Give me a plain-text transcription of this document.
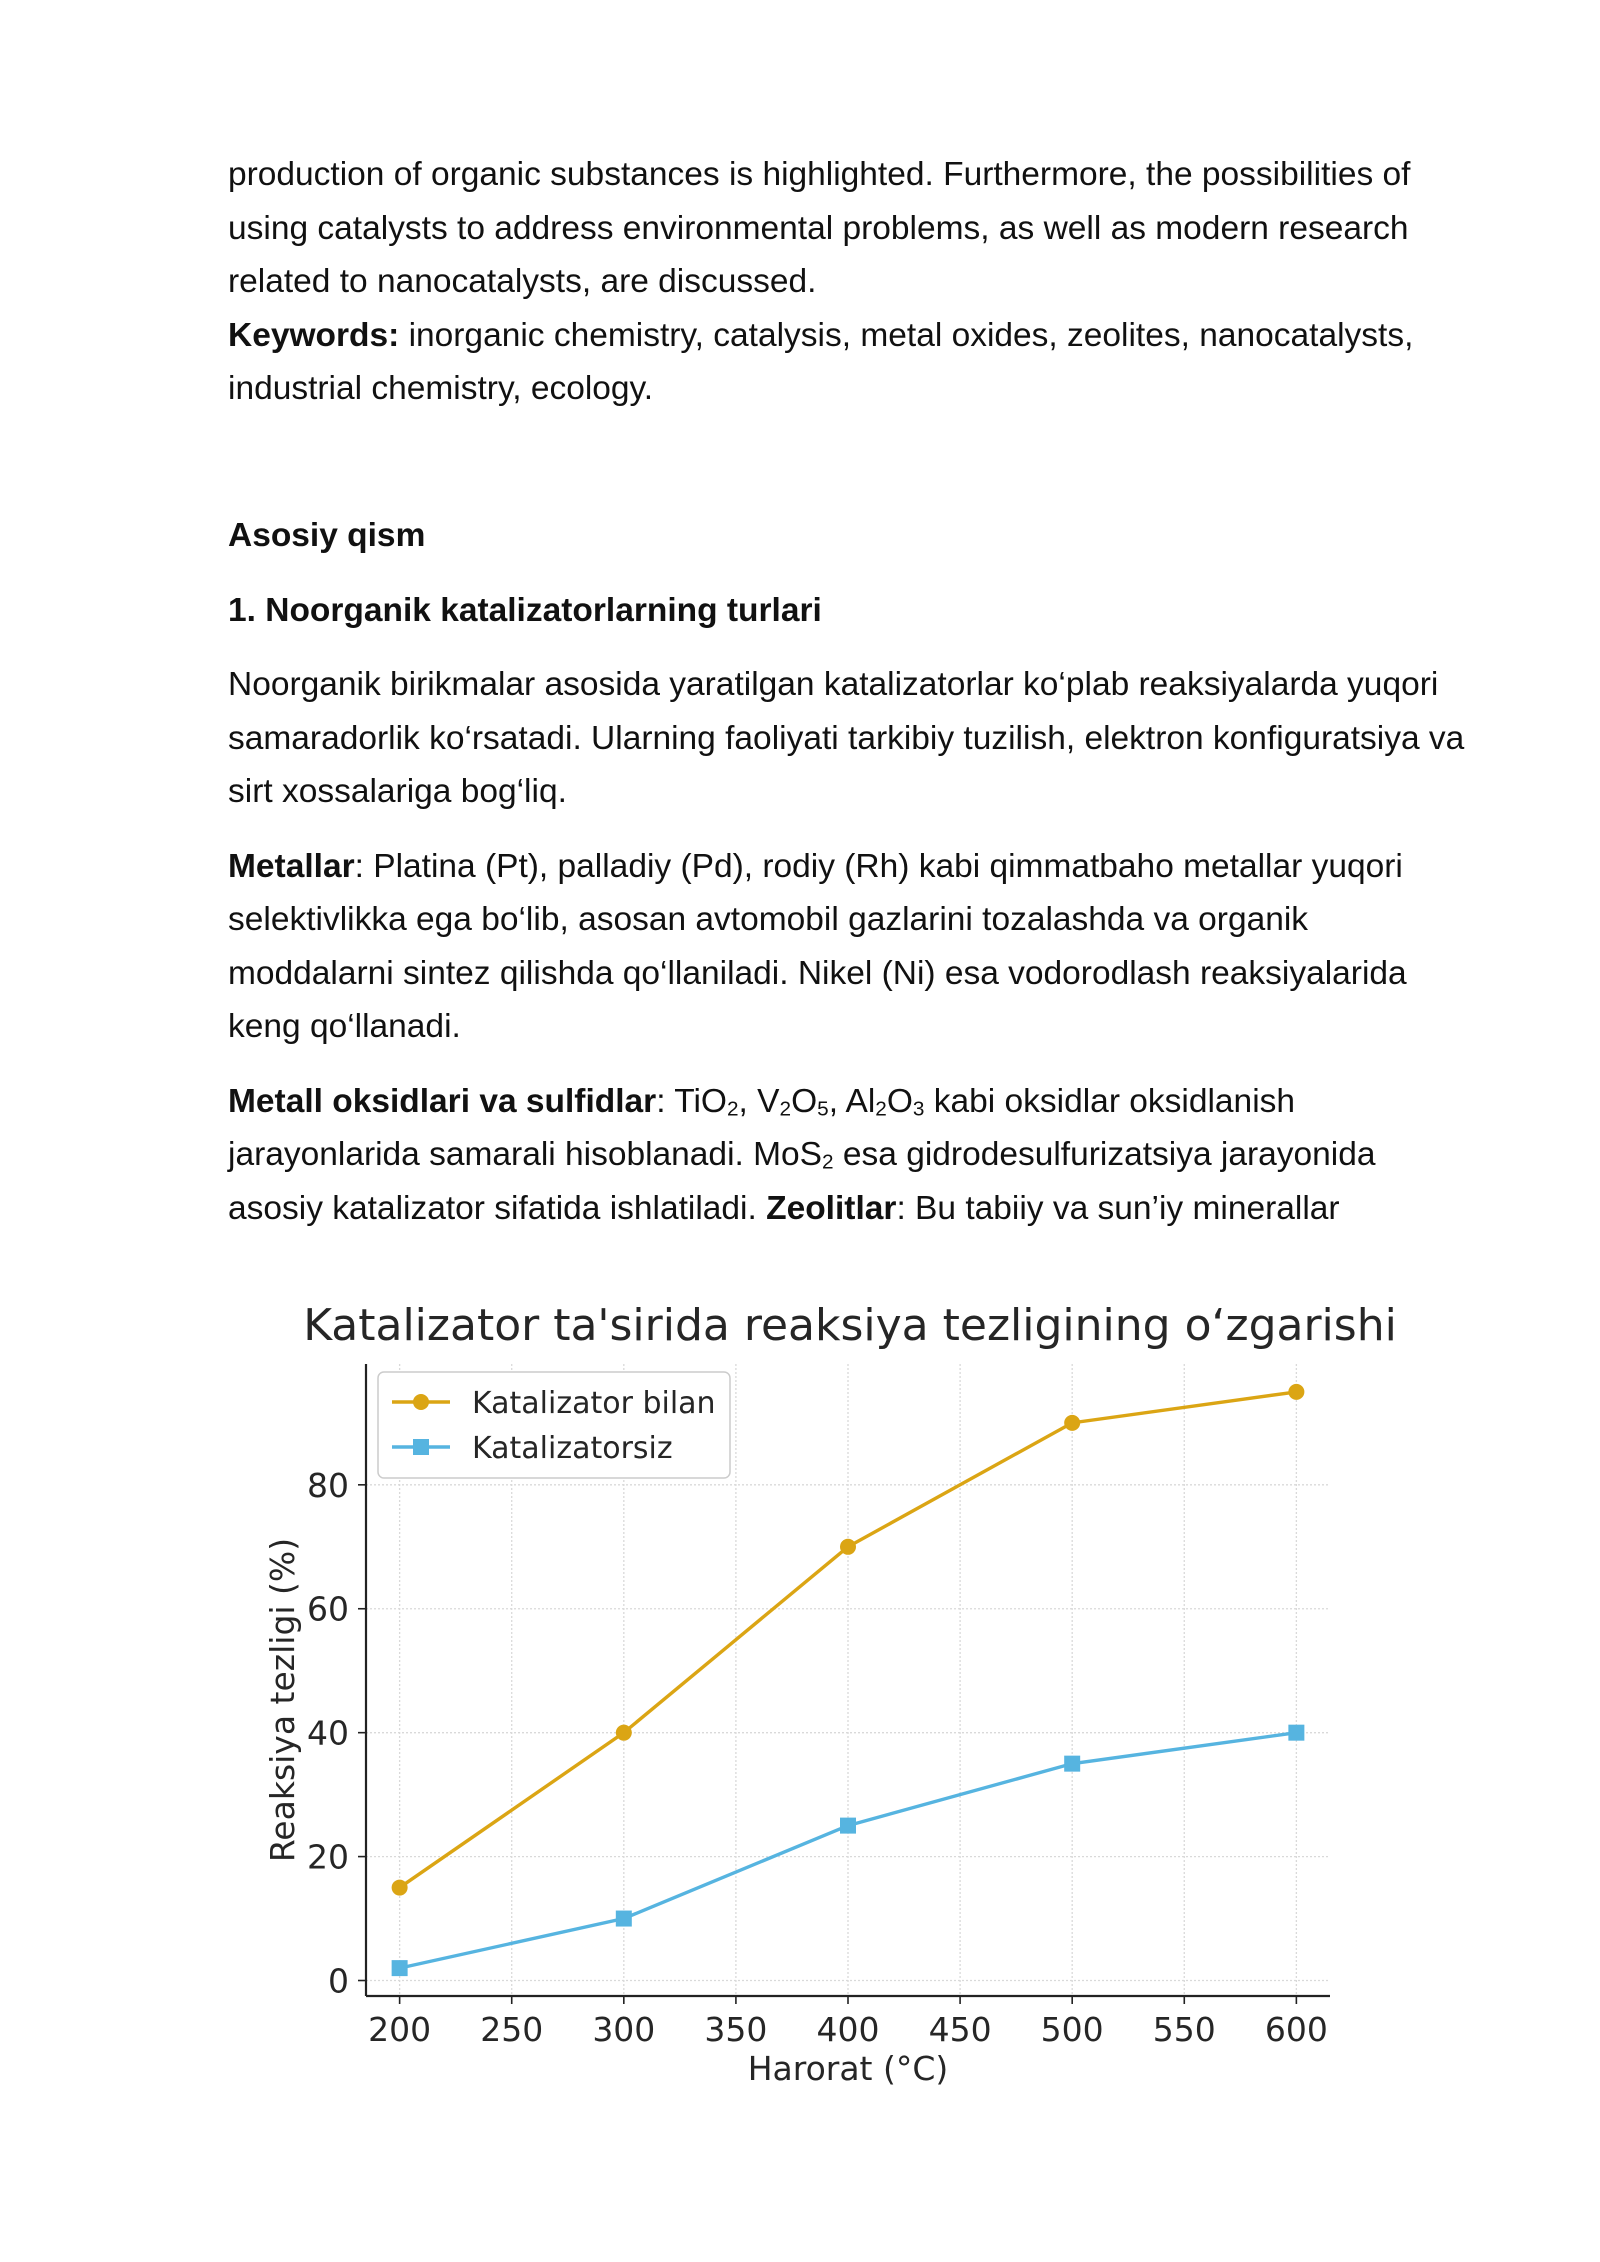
production of organic substances is highlighted. Furthermore, the possibilities of using catalysts to address environmental problems, as well as modern research related to nanocatalysts, are discussed.

Keywords: inorganic chemistry, catalysis, metal oxides, zeolites, nanocatalysts, industrial chemistry, ecology.

Asosiy qism

1. Noorganik katalizatorlarning turlari

Noorganik birikmalar asosida yaratilgan katalizatorlar ko‘plab reaksiyalarda yuqori samaradorlik ko‘rsatadi. Ularning faoliyati tarkibiy tuzilish, elektron konfiguratsiya va sirt xossalariga bog‘liq.

Metallar: Platina (Pt), palladiy (Pd), rodiy (Rh) kabi qimmatbaho metallar yuqori selektivlikka ega bo‘lib, asosan avtomobil gazlarini tozalashda va organik moddalarni sintez qilishda qo‘llaniladi. Nikel (Ni) esa vodorodlash reaksiyalarida keng qo‘llanadi.

Metall oksidlari va sulfidlar: TiO$_2$, $V_2O_5$, $Al_2O_3$ kabi oksidlar oksidlanish jarayonlarida samarali hisoblanadi. MoS$_2$ esa gidrodesulfurizatsiya jarayonida asosiy katalizator sifatida ishlatiladi. Zeolitlar: Bu tabiiy va sun’iy minerallar

Katalizator ta'sirida reaksiya tezligining o‘zgarishi
200 250 300 350 400 450 500 550 600
0
20
40
60
80
Harorat (°C)
Reaksiya tezligi (%)
Katalizator bilan
Katalizatorsiz
